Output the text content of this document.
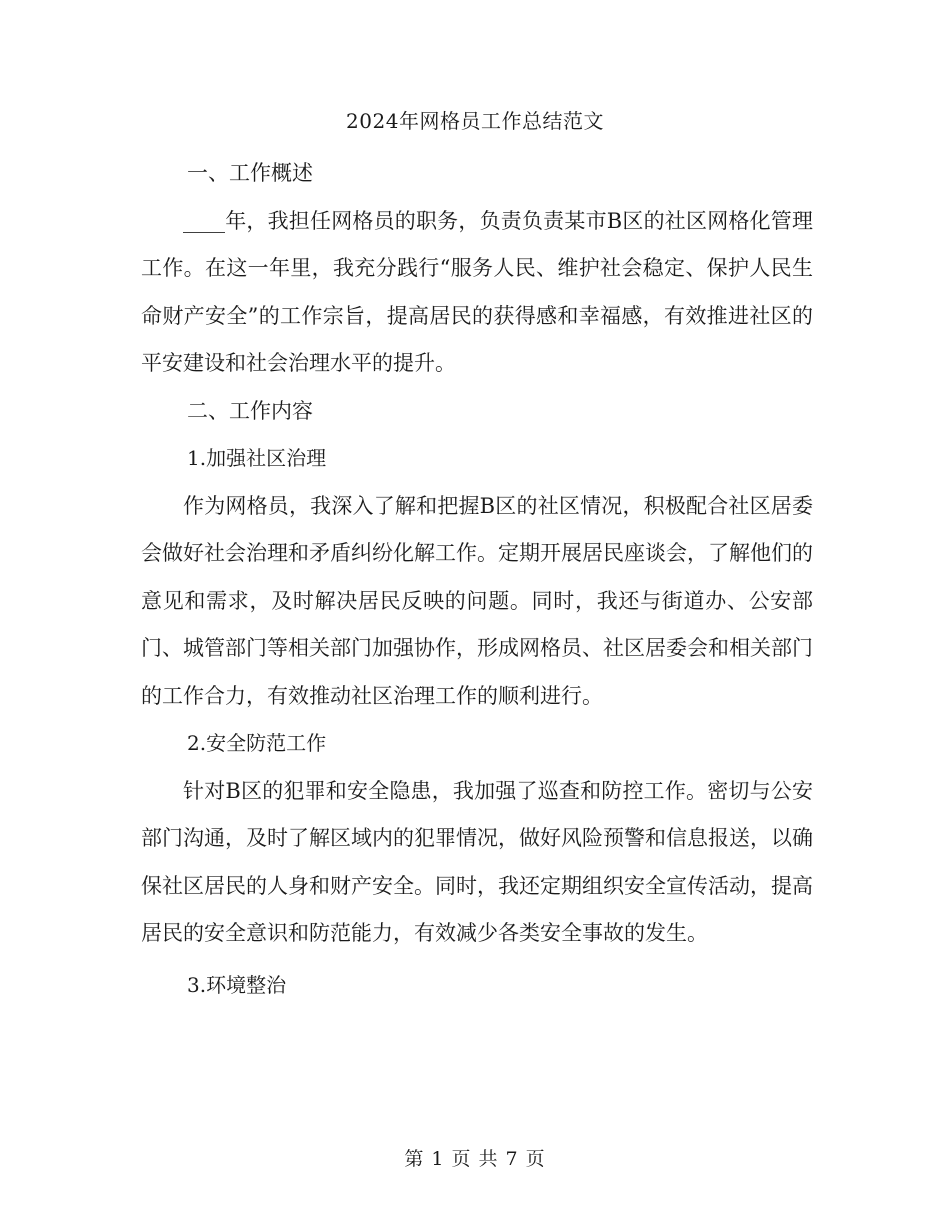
2024年网格员工作总结范文

一、工作概述

____年，我担任网格员的职务，负责负责某市B区的社区网格化管理工作。在这一年里，我充分践行“服务人民、维护社会稳定、保护人民生命财产安全”的工作宗旨，提高居民的获得感和幸福感，有效推进社区的平安建设和社会治理水平的提升。

二、工作内容

1.加强社区治理

作为网格员，我深入了解和把握B区的社区情况，积极配合社区居委会做好社会治理和矛盾纠纷化解工作。定期开展居民座谈会，了解他们的意见和需求，及时解决居民反映的问题。同时，我还与街道办、公安部门、城管部门等相关部门加强协作，形成网格员、社区居委会和相关部门的工作合力，有效推动社区治理工作的顺利进行。

2.安全防范工作

针对B区的犯罪和安全隐患，我加强了巡查和防控工作。密切与公安部门沟通，及时了解区域内的犯罪情况，做好风险预警和信息报送，以确保社区居民的人身和财产安全。同时，我还定期组织安全宣传活动，提高居民的安全意识和防范能力，有效减少各类安全事故的发生。

3.环境整治

第 1 页 共 7 页
